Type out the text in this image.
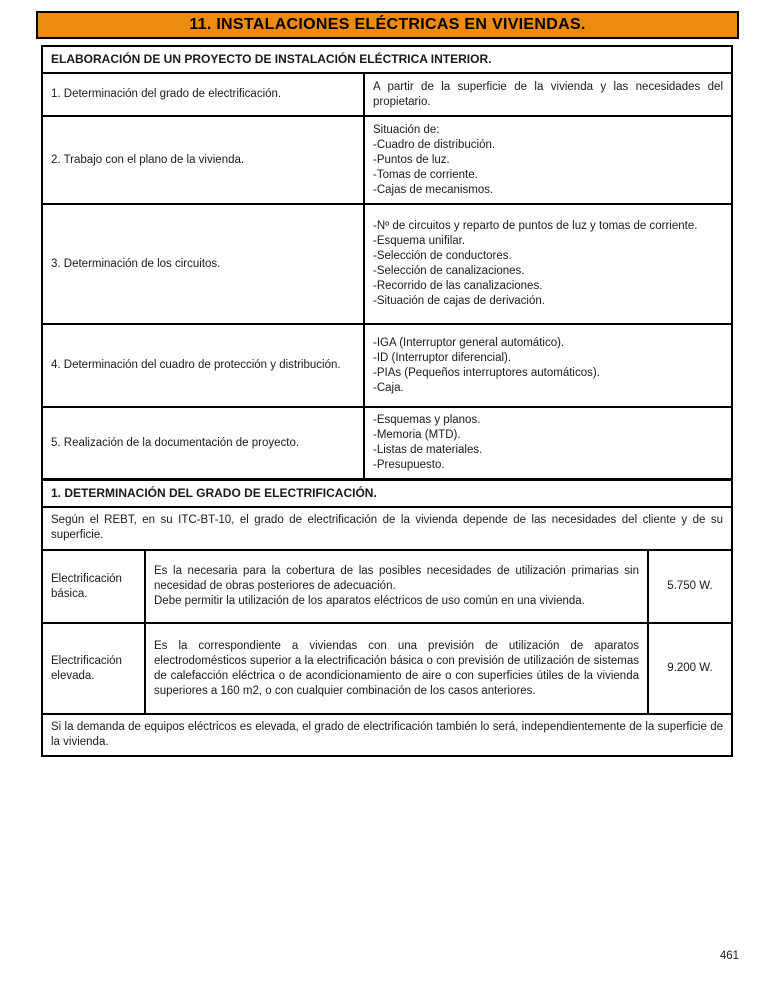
11. INSTALACIONES ELÉCTRICAS EN VIVIENDAS.
ELABORACIÓN DE UN PROYECTO DE INSTALACIÓN ELÉCTRICA INTERIOR.
1. Determinación del grado de electrificación.
A partir de la superficie de la vivienda y las necesidades del propietario.
2. Trabajo con el plano de la vivienda.
Situación de:
-Cuadro de distribución.
-Puntos de luz.
-Tomas de corriente.
-Cajas de mecanismos.
3. Determinación de los circuitos.
-Nº de circuitos y reparto de puntos de luz y tomas de corriente.
-Esquema unifilar.
-Selección de conductores.
-Selección de canalizaciones.
-Recorrido de las canalizaciones.
-Situación de cajas de derivación.
4. Determinación del cuadro de protección y distribución.
-IGA (Interruptor general automático).
-ID (Interruptor diferencial).
-PIAs (Pequeños interruptores automáticos).
-Caja.
5. Realización de la documentación de proyecto.
-Esquemas y planos.
-Memoria (MTD).
-Listas de materiales.
-Presupuesto.
1. DETERMINACIÓN DEL GRADO DE ELECTRIFICACIÓN.
Según el REBT, en su ITC-BT-10, el grado de electrificación de la vivienda depende de las necesidades del cliente y de su superficie.
Electrificación básica.
Es la necesaria para la cobertura de las posibles necesidades de utilización primarias sin necesidad de obras posteriores de adecuación.
Debe permitir la utilización de los aparatos eléctricos de uso común en una vivienda.
5.750 W.
Electrificación elevada.
Es la correspondiente a viviendas con una previsión de utilización de aparatos electrodomésticos superior a la electrificación básica o con previsión de utilización de sistemas de calefacción eléctrica o de acondicionamiento de aire o con superficies útiles de la vivienda superiores a 160 m2, o con cualquier combinación de los casos anteriores.
9.200 W.
Si la demanda de equipos eléctricos es elevada, el grado de electrificación también lo será, independientemente de la superficie de la vivienda.
461
